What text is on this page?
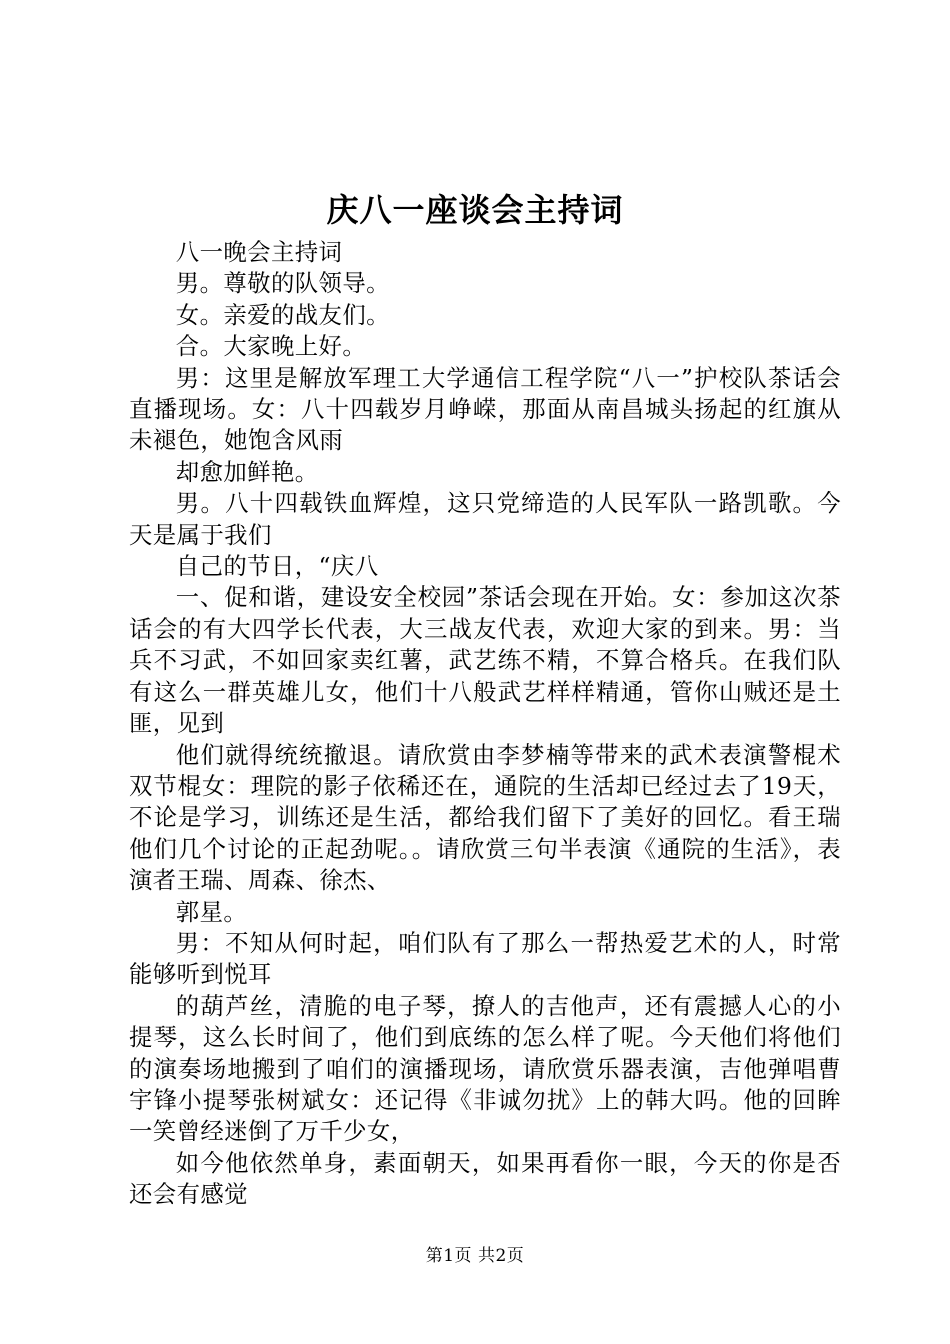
庆八一座谈会主持词

八一晚会主持词

男。尊敬的队领导。

女。亲爱的战友们。

合。大家晚上好。

男：这里是解放军理工大学通信工程学院“八一”护校队茶话会直播现场。女：八十四载岁月峥嵘，那面从南昌城头扬起的红旗从未褪色，她饱含风雨

却愈加鲜艳。

男。八十四载铁血辉煌，这只党缔造的人民军队一路凯歌。今天是属于我们

自己的节日，“庆八

一、促和谐，建设安全校园”茶话会现在开始。女：参加这次茶话会的有大四学长代表，大三战友代表，欢迎大家的到来。男：当兵不习武，不如回家卖红薯，武艺练不精，不算合格兵。在我们队有这么一群英雄儿女，他们十八般武艺样样精通，管你山贼还是土匪，见到

他们就得统统撤退。请欣赏由李梦楠等带来的武术表演警棍术双节棍女：理院的影子依稀还在，通院的生活却已经过去了19天，不论是学习，训练还是生活，都给我们留下了美好的回忆。看王瑞他们几个讨论的正起劲呢。。请欣赏三句半表演《通院的生活》，表演者王瑞、周森、徐杰、

郭星。

男：不知从何时起，咱们队有了那么一帮热爱艺术的人，时常能够听到悦耳

的葫芦丝，清脆的电子琴，撩人的吉他声，还有震撼人心的小提琴，这么长时间了，他们到底练的怎么样了呢。今天他们将他们的演奏场地搬到了咱们的演播现场，请欣赏乐器表演，吉他弹唱曹宇锋小提琴张树斌女：还记得《非诚勿扰》上的韩大吗。他的回眸一笑曾经迷倒了万千少女，

如今他依然单身，素面朝天，如果再看你一眼，今天的你是否还会有感觉

第1页 共2页
